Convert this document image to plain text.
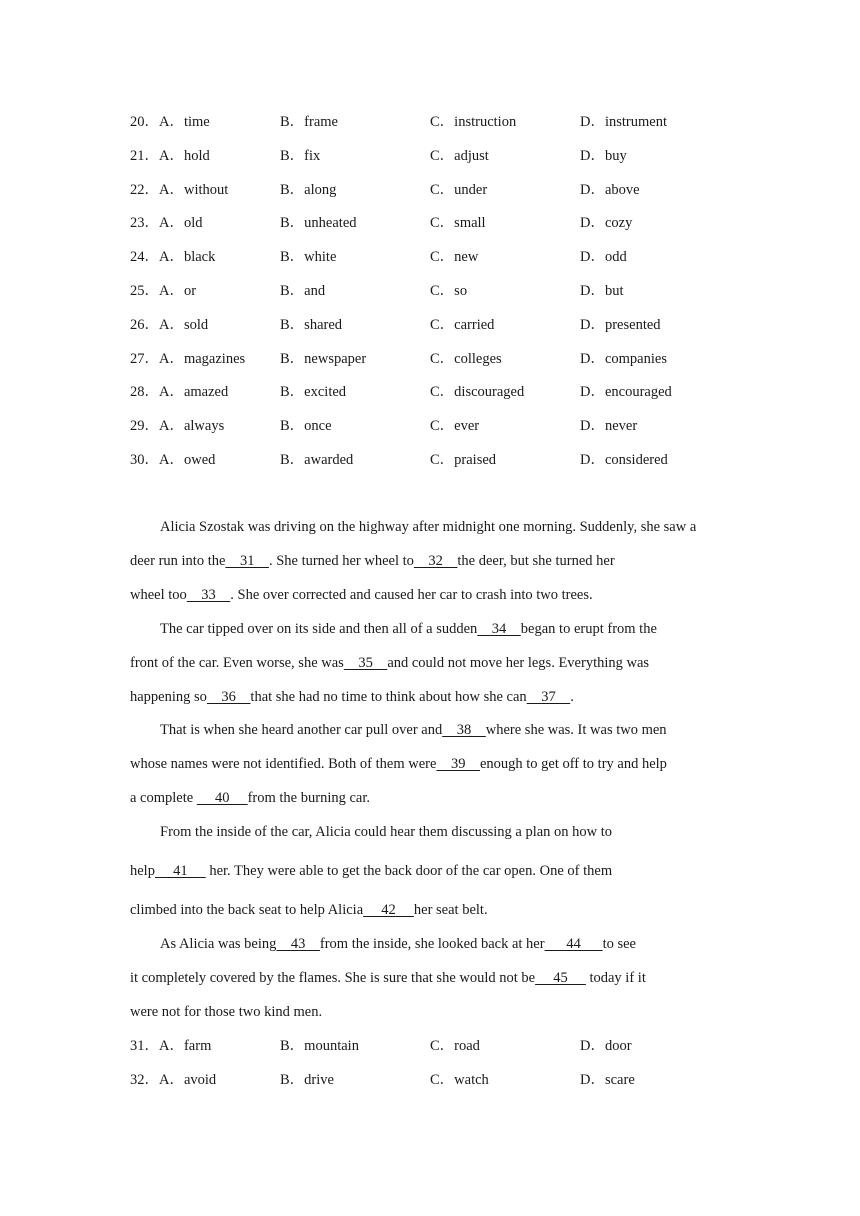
20．A．time	B．frame	C．instruction	D．instrument
21．A．hold	B．fix	C．adjust	D．buy
22．A．without	B．along	C．under	D．above
23．A．old	B．unheated	C．small	D．cozy
24．A．black	B．white	C．new	D．odd
25．A．or	B．and	C．so	D．but
26．A．sold	B．shared	C．carried	D．presented
27．A．magazines B．newspaper	C．colleges	D．companies
28．A．amazed	B．excited	C．discouraged	D．encouraged
29．A．always	B．once	C．ever	D．never
30．A．owed	B．awarded	C．praised	D．considered
Alicia Szostak was driving on the highway after midnight one morning. Suddenly, she saw a
deer run into the    31    . She turned her wheel to    32    the deer, but she turned her
wheel too    33    . She over corrected and caused her car to crash into two trees.
The car tipped over on its side and then all of a sudden    34    began to erupt from the
front of the car. Even worse, she was    35    and could not move her legs. Everything was
happening so    36    that she had no time to think about how she can    37    .
That is when she heard another car pull over and    38    where she was. It was two men
whose names were not identified. Both of them were    39    enough to get off to try and help
a complete      40     from the burning car.
From the inside of the car, Alicia could hear them discussing a plan on how to
help     41      her. They were able to get the back door of the car open. One of them
climbed into the back seat to help Alicia     42     her seat belt.
As Alicia was being    43    from the inside, she looked back at her      44      to see
it completely covered by the flames. She is sure that she would not be     45      today if it
were not for those two kind men.
31．A．farm	B．mountain	C．road	D．door
32．A．avoid	B．drive	C．watch	D．scare
